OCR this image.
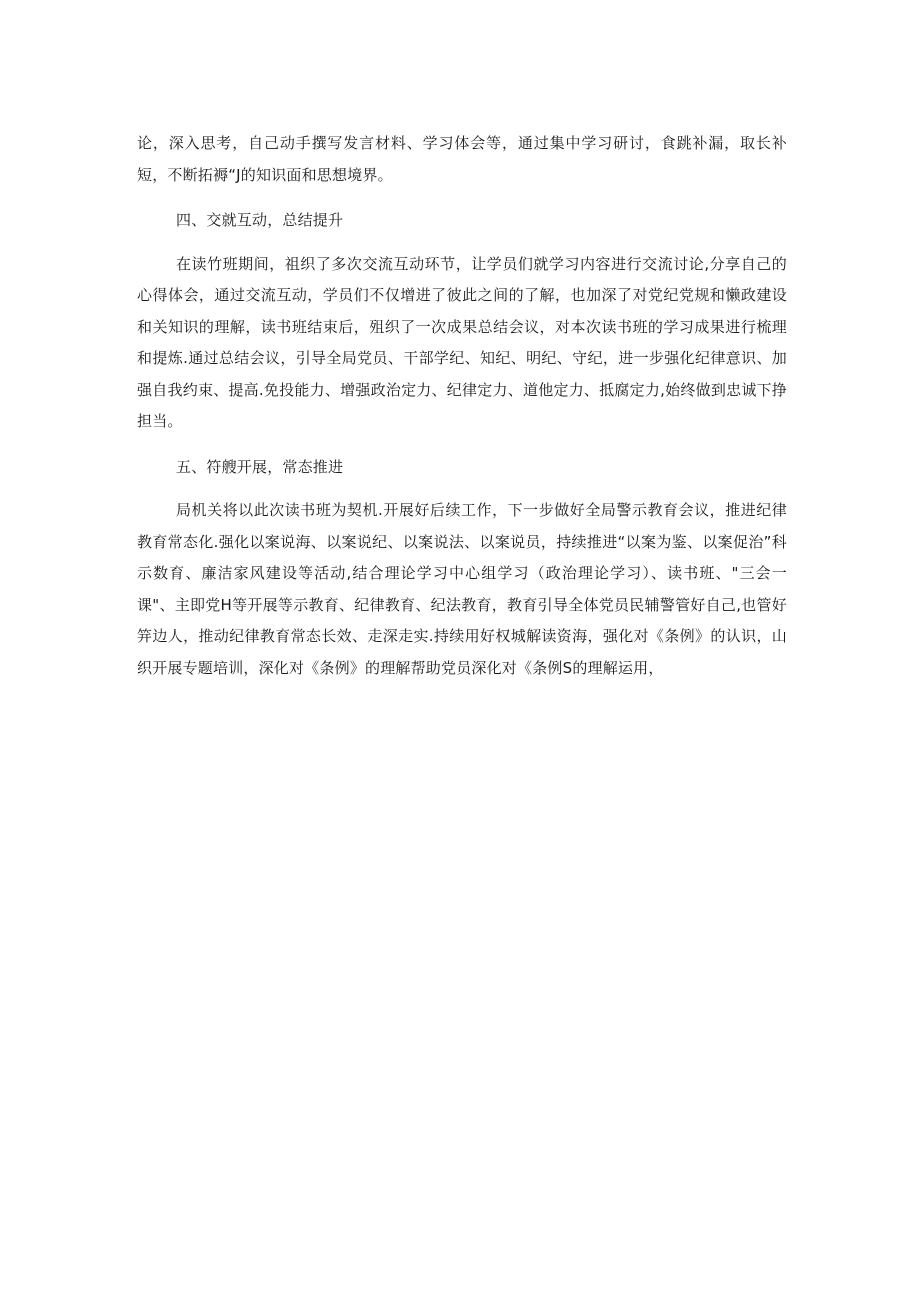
论，深入思考，自己动手撰写发言材料、学习体会等，通过集中学习研讨，食跳补漏，取长补短，不断拓褥“J的知识面和思想境界。

四、交就互动，总结提升

在读竹班期间，祖织了多次交流互动环节，让学员们就学习内容进行交流讨论,分享自己的心得体会，通过交流互动，学员们不仅增进了彼此之间的了解，也加深了对党纪党规和懒政建设和关知识的理解，读书班结束后，殂织了一次成果总结会议，对本次读书班的学习成果进行梳理和提炼.通过总结会议，引导全局党员、干部学纪、知纪、明纪、守纪，进一步强化纪律意识、加强自我约束、提高.免投能力、增强政治定力、纪律定力、道他定力、抵腐定力,始终做到忠诚下挣担当。

五、符艘开展，常态推进

局机关将以此次读书班为契机.开展好后续工作，下一步做好全局警示教育会议，推进纪律教育常态化.强化以案说海、以案说纪、以案说法、以案说员，持续推进“以案为鉴、以案促治”科示数育、廉洁家风建设等活动,结合理论学习中心组学习（政治理论学习）、读书班、"三会一课"、主即党H等开展等示教育、纪律教育、纪法教育，教育引导全体党员民辅警管好自己,也管好笄边人，推动纪律教育常态长效、走深走实.持续用好权城解读资海，强化对《条例》的认识，山织开展专题培训，深化对《条例》的理解帮助党员深化对《条例S的理解运用，
